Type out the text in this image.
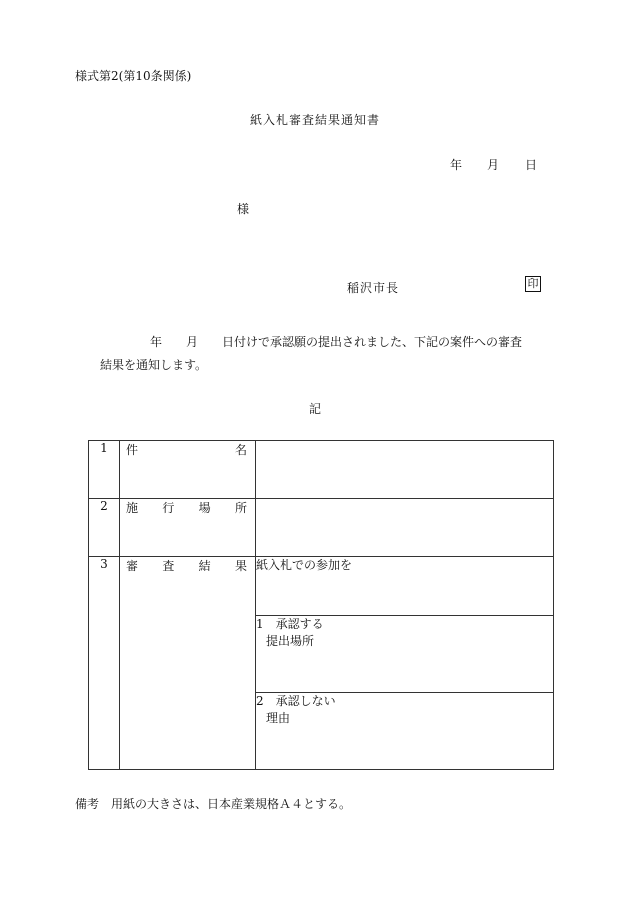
様式第2(第10条関係)
紙入札審査結果通知書
年 月 日
様
稲沢市長	印
年　　月　　日付けで承認願の提出されました、下記の案件への審査
結果を通知します。
記
1	件 名	

2	施 行 場 所	

3	審 査 結 果	紙入札での参加を

		1　承認する
提出場所

		2　承認しない
理由
備考　用紙の大きさは、日本産業規格Ａ４とする。
